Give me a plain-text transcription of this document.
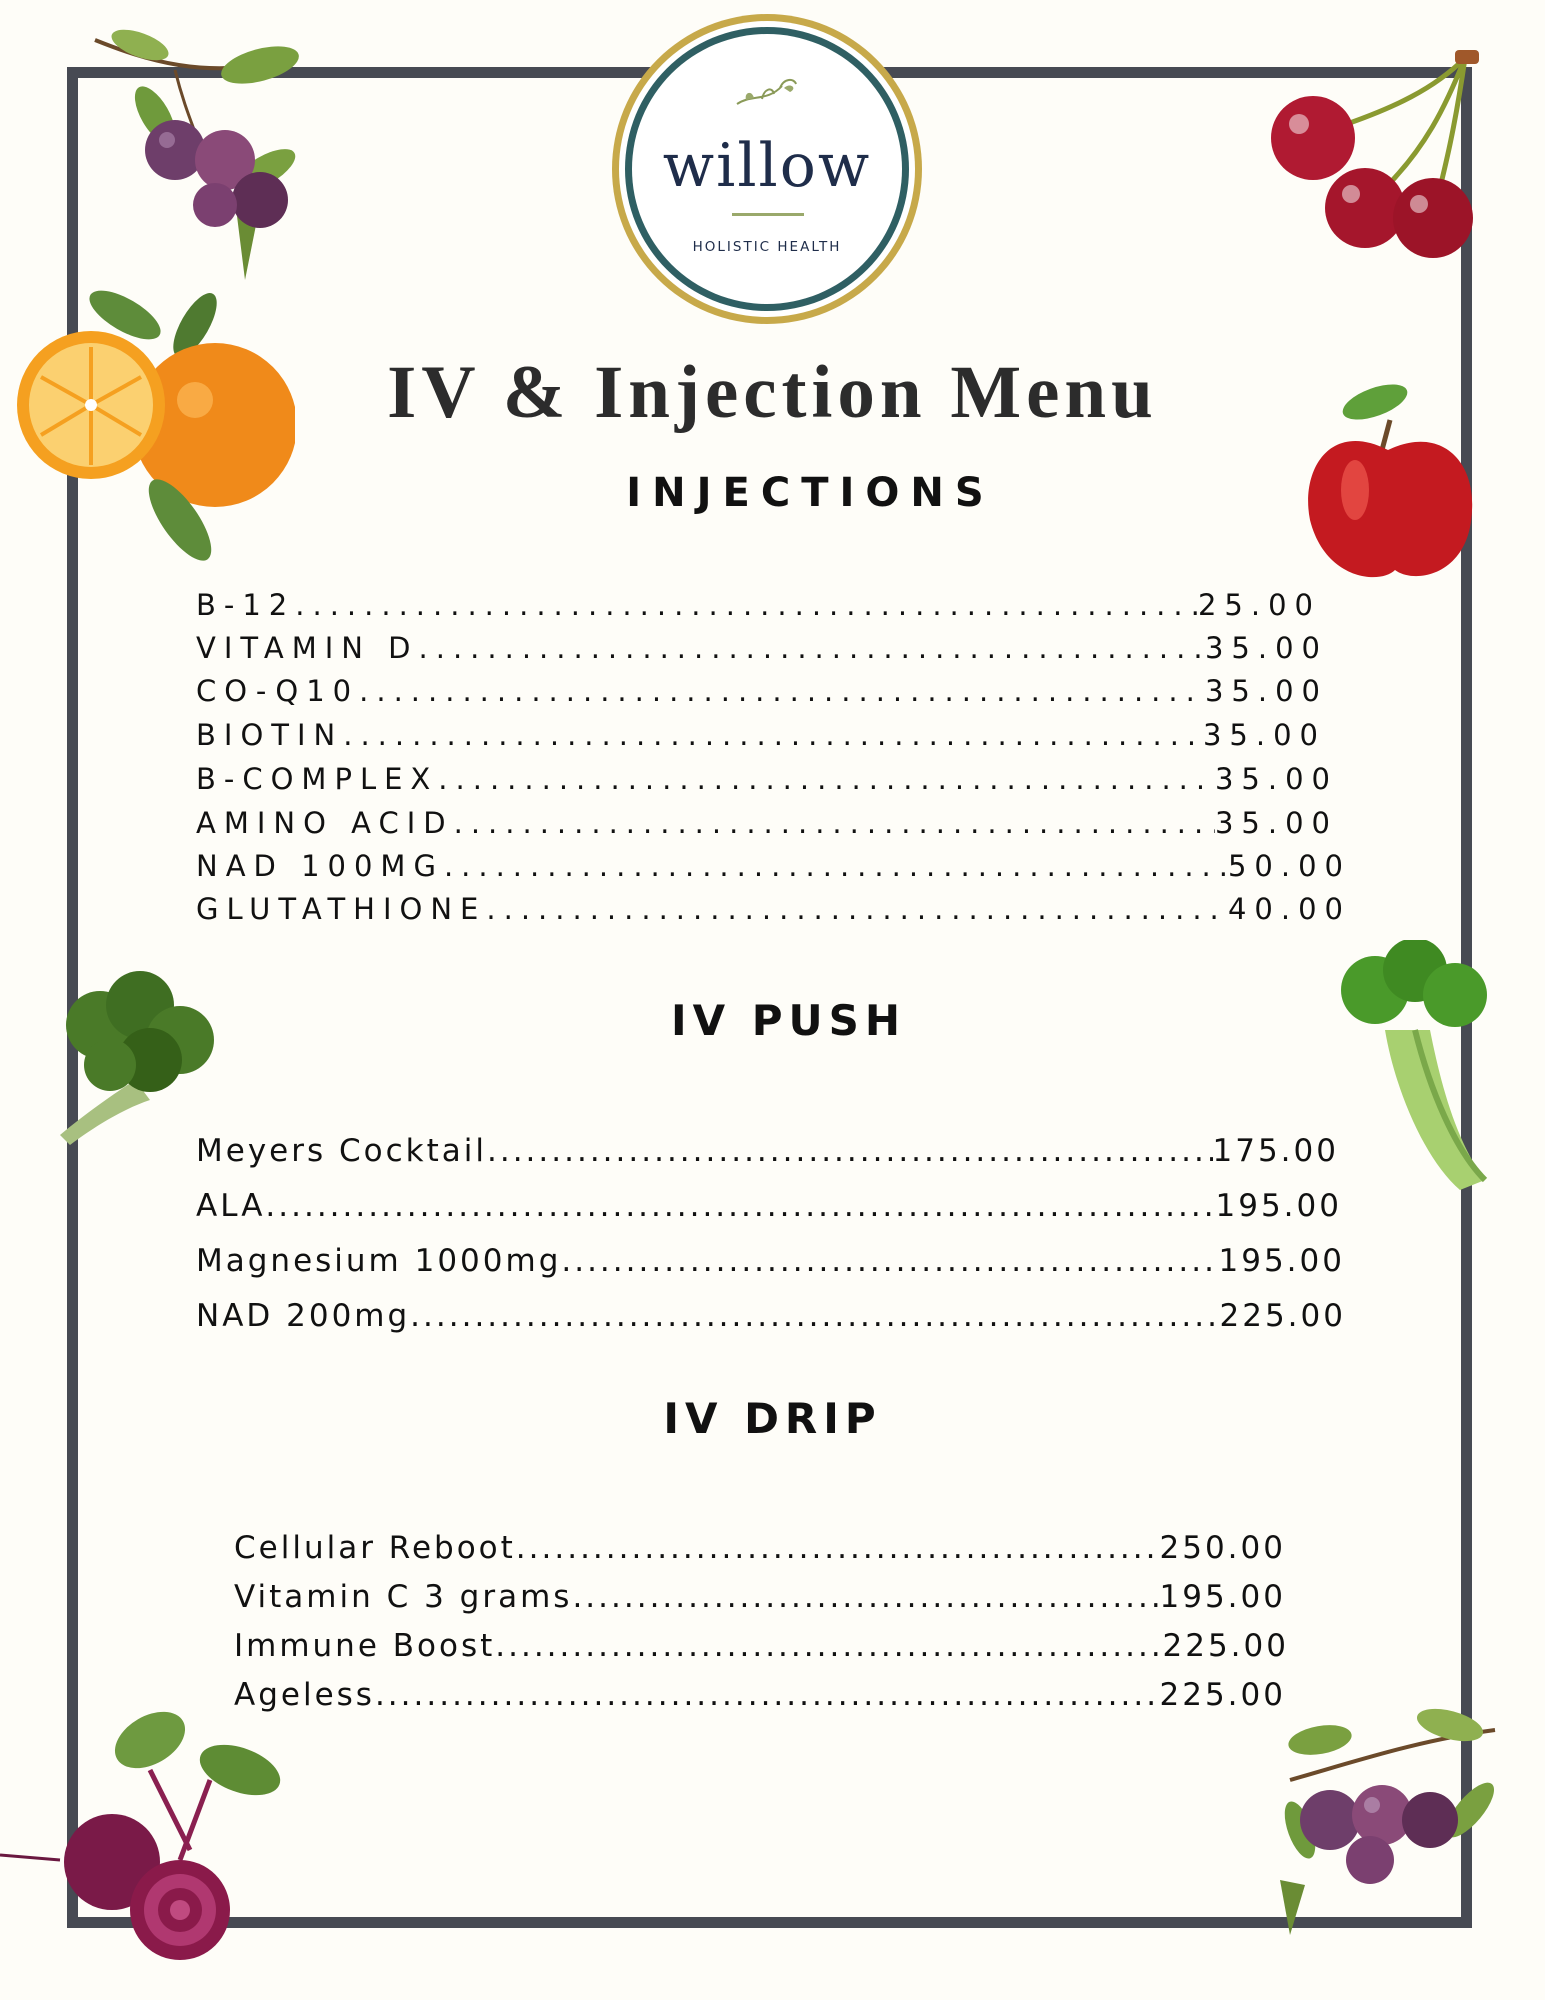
willow
HOLISTIC HEALTH
IV & Injection Menu
INJECTIONS
B-12 .....	25.00
VITAMIN D .....	35.00
CO-Q10 .....	35.00
BIOTIN .....	35.00
B-COMPLEX .....	35.00
AMINO ACID .....	35.00
NAD 100MG .....	50.00
GLUTATHIONE .....	40.00
IV PUSH
Meyers Cocktail .....	175.00
ALA .....	195.00
Magnesium 1000mg .....	195.00
NAD 200mg .....	225.00
IV DRIP
Cellular Reboot .....	250.00
Vitamin C 3 grams .....	195.00
Immune Boost .....	225.00
Ageless .....	225.00
